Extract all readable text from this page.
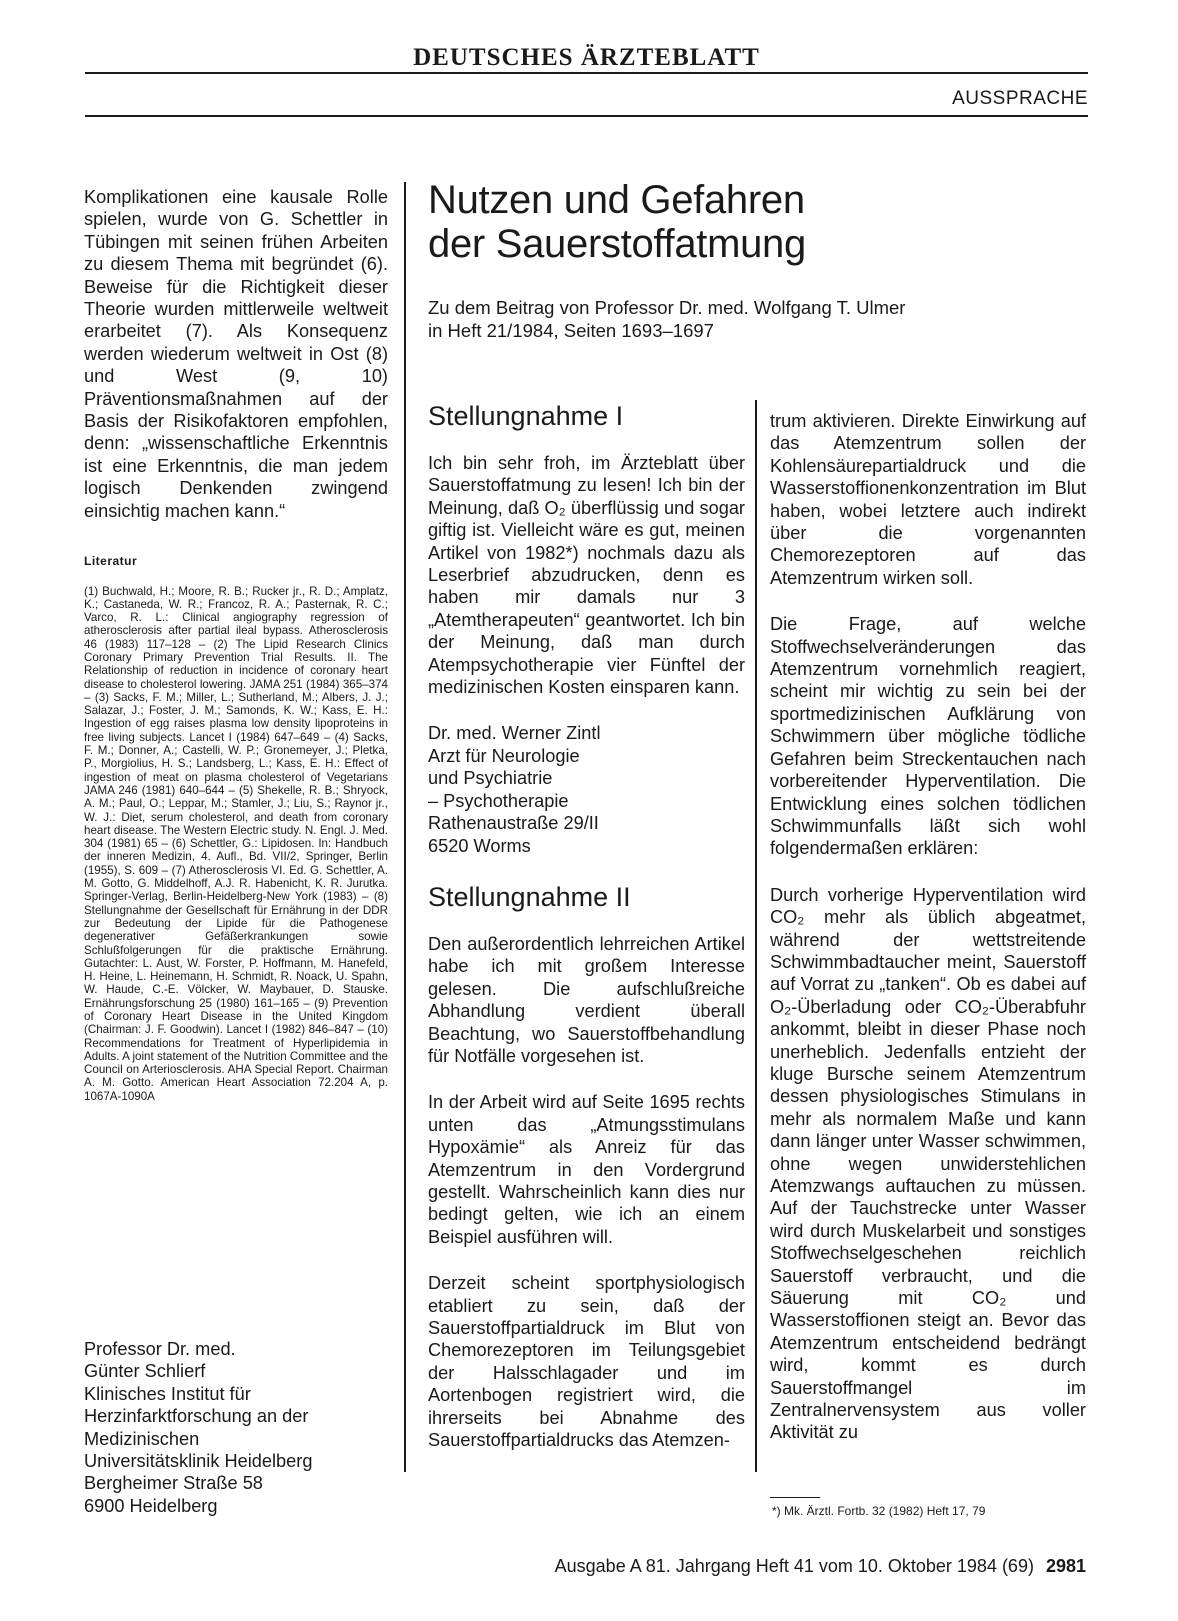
DEUTSCHES ÄRZTEBLATT
AUSSPRACHE

Komplikationen eine kausale Rolle spielen, wurde von G. Schettler in Tübingen mit seinen frühen Arbeiten zu diesem Thema mit begründet (6). Beweise für die Richtigkeit dieser Theorie wurden mittlerweile weltweit erarbeitet (7). Als Konsequenz werden wiederum weltweit in Ost (8) und West (9, 10) Präventionsmaßnahmen auf der Basis der Risikofaktoren empfohlen, denn: „wissenschaftliche Erkenntnis ist eine Erkenntnis, die man jedem logisch Denkenden zwingend einsichtig machen kann.“

Literatur
(1) Buchwald, H.; Moore, R. B.; Rucker jr., R. D.; Amplatz, K.; Castaneda, W. R.; Francoz, R. A.; Pasternak, R. C.; Varco, R. L.: Clinical angiography regression of atherosclerosis after partial ileal bypass. Atherosclerosis 46 (1983) 117–128 – (2) The Lipid Research Clinics Coronary Primary Prevention Trial Results. II. The Relationship of reduction in incidence of coronary heart disease to cholesterol lowering. JAMA 251 (1984) 365–374 – (3) Sacks, F. M.; Miller, L.; Sutherland, M.; Albers, J. J.; Salazar, J.; Foster, J. M.; Samonds, K. W.; Kass, E. H.: Ingestion of egg raises plasma low density lipoproteins in free living subjects. Lancet I (1984) 647–649 – (4) Sacks, F. M.; Donner, A.; Castelli, W. P.; Gronemeyer, J.; Pletka, P., Morgiolius, H. S.; Landsberg, L.; Kass, E. H.: Effect of ingestion of meat on plasma cholesterol of Vegetarians JAMA 246 (1981) 640–644 – (5) Shekelle, R. B.; Shryock, A. M.; Paul, O.; Leppar, M.; Stamler, J.; Liu, S.; Raynor jr., W. J.: Diet, serum cholesterol, and death from coronary heart disease. The Western Electric study. N. Engl. J. Med. 304 (1981) 65 – (6) Schettler, G.: Lipidosen. In: Handbuch der inneren Medizin, 4. Aufl., Bd. VII/2, Springer, Berlin (1955), S. 609 – (7) Atherosclerosis VI. Ed. G. Schettler, A. M. Gotto, G. Middelhoff, A.J. R. Habenicht, K. R. Jurutka. Springer-Verlag, Berlin-Heidelberg-New York (1983) – (8) Stellungnahme der Gesellschaft für Ernährung in der DDR zur Bedeutung der Lipide für die Pathogenese degenerativer Gefäßerkrankungen sowie Schlußfolgerungen für die praktische Ernährung. Gutachter: L. Aust, W. Forster, P. Hoffmann, M. Hanefeld, H. Heine, L. Heinemann, H. Schmidt, R. Noack, U. Spahn, W. Haude, C.-E. Völcker, W. Maybauer, D. Stauske. Ernährungsforschung 25 (1980) 161–165 – (9) Prevention of Coronary Heart Disease in the United Kingdom (Chairman: J. F. Goodwin). Lancet I (1982) 846–847 – (10) Recommendations for Treatment of Hyperlipidemia in Adults. A joint statement of the Nutrition Committee and the Council on Arteriosclerosis. AHA Special Report. Chairman A. M. Gotto. American Heart Association 72.204 A, p. 1067A-1090A
Professor Dr. med.
Günter Schlierf
Klinisches Institut für
Herzinfarktforschung an der
Medizinischen
Universitätsklinik Heidelberg
Bergheimer Straße 58
6900 Heidelberg
Nutzen und Gefahren der Sauerstoffatmung
Zu dem Beitrag von Professor Dr. med. Wolfgang T. Ulmer
in Heft 21/1984, Seiten 1693–1697
Stellungnahme I

Ich bin sehr froh, im Ärzteblatt über Sauerstoffatmung zu lesen! Ich bin der Meinung, daß O₂ überflüssig und sogar giftig ist. Vielleicht wäre es gut, meinen Artikel von 1982*) nochmals dazu als Leserbrief abzudrucken, denn es haben mir damals nur 3 „Atemtherapeuten“ geantwortet. Ich bin der Meinung, daß man durch Atempsychotherapie vier Fünftel der medizinischen Kosten einsparen kann.

Dr. med. Werner Zintl
Arzt für Neurologie
und Psychiatrie
– Psychotherapie
Rathenaustraße 29/II
6520 Worms

Stellungnahme II

Den außerordentlich lehrreichen Artikel habe ich mit großem Interesse gelesen. Die aufschlußreiche Abhandlung verdient überall Beachtung, wo Sauerstoffbehandlung für Notfälle vorgesehen ist.

In der Arbeit wird auf Seite 1695 rechts unten das „Atmungsstimulans Hypoxämie“ als Anreiz für das Atemzentrum in den Vordergrund gestellt. Wahrscheinlich kann dies nur bedingt gelten, wie ich an einem Beispiel ausführen will.

Derzeit scheint sportphysiologisch etabliert zu sein, daß der Sauerstoffpartialdruck im Blut von Chemorezeptoren im Teilungsgebiet der Halsschlagader und im Aortenbogen registriert wird, die ihrerseits bei Abnahme des Sauerstoffpartialdrucks das Atemzen-

trum aktivieren. Direkte Einwirkung auf das Atemzentrum sollen der Kohlensäurepartialdruck und die Wasserstoffionenkonzentration im Blut haben, wobei letztere auch indirekt über die vorgenannten Chemorezeptoren auf das Atemzentrum wirken soll.

Die Frage, auf welche Stoffwechselveränderungen das Atemzentrum vornehmlich reagiert, scheint mir wichtig zu sein bei der sportmedizinischen Aufklärung von Schwimmern über mögliche tödliche Gefahren beim Streckentauchen nach vorbereitender Hyperventilation. Die Entwicklung eines solchen tödlichen Schwimmunfalls läßt sich wohl folgendermaßen erklären:

Durch vorherige Hyperventilation wird CO₂ mehr als üblich abgeatmet, während der wettstreitende Schwimmbadtaucher meint, Sauerstoff auf Vorrat zu „tanken“. Ob es dabei auf O₂-Überladung oder CO₂-Überabfuhr ankommt, bleibt in dieser Phase noch unerheblich. Jedenfalls entzieht der kluge Bursche seinem Atemzentrum dessen physiologisches Stimulans in mehr als normalem Maße und kann dann länger unter Wasser schwimmen, ohne wegen unwiderstehlichen Atemzwangs auftauchen zu müssen. Auf der Tauchstrecke unter Wasser wird durch Muskelarbeit und sonstiges Stoffwechselgeschehen reichlich Sauerstoff verbraucht, und die Säuerung mit CO₂ und Wasserstoffionen steigt an. Bevor das Atemzentrum entscheidend bedrängt wird, kommt es durch Sauerstoffmangel im Zentralnervensystem aus voller Aktivität zu

*) Mk. Ärztl. Fortb. 32 (1982) Heft 17, 79
Ausgabe A 81. Jahrgang Heft 41 vom 10. Oktober 1984 (69) 2981
